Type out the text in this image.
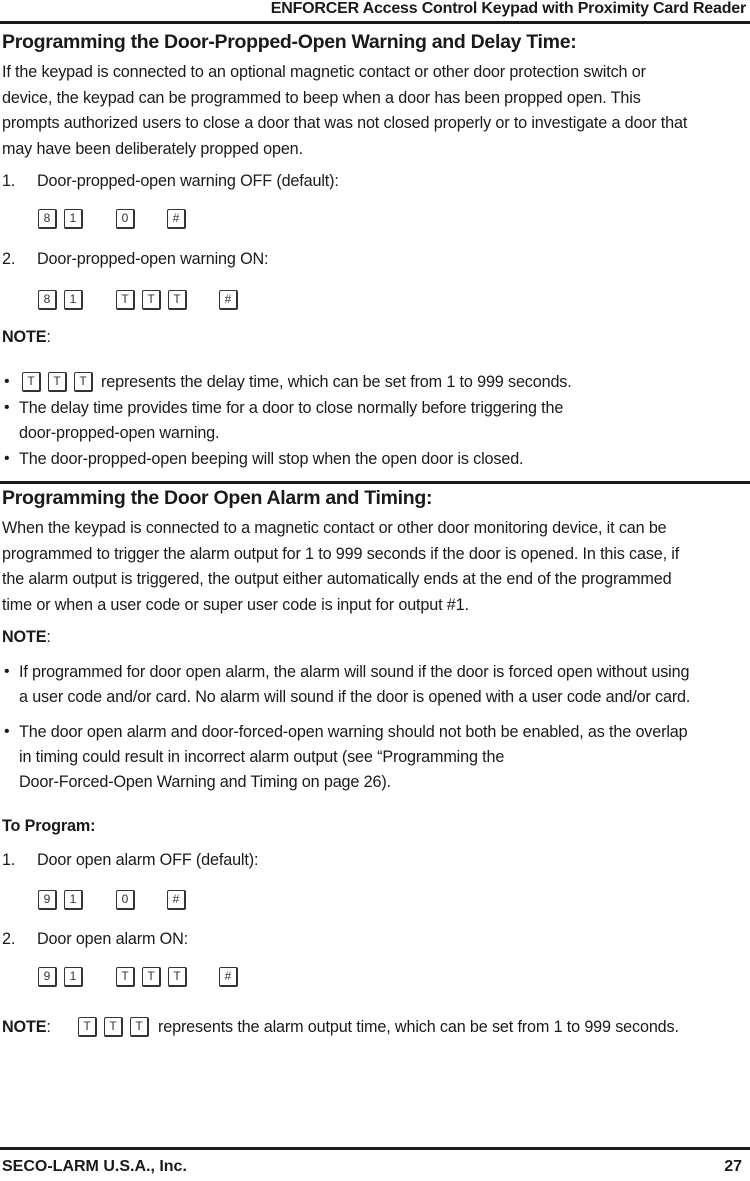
ENFORCER Access Control Keypad with Proximity Card Reader
Programming the Door-Propped-Open Warning and Delay Time:
If the keypad is connected to an optional magnetic contact or other door protection switch or
device, the keypad can be programmed to beep when a door has been propped open. This
prompts authorized users to close a door that was not closed properly or to investigate a door that
may have been deliberately propped open.
1. Door-propped-open warning OFF (default):
8	1	0	#
2. Door-propped-open warning ON:
8	1	T	T	T	#
NOTE:
•	T	T	T represents the delay time, which can be set from 1 to 999 seconds.
• The delay time provides time for a door to close normally before triggering the
door-propped-open warning.
• The door-propped-open beeping will stop when the open door is closed.
Programming the Door Open Alarm and Timing:
When the keypad is connected to a magnetic contact or other door monitoring device, it can be
programmed to trigger the alarm output for 1 to 999 seconds if the door is opened. In this case, if
the alarm output is triggered, the output either automatically ends at the end of the programmed
time or when a user code or super user code is input for output #1.
NOTE:
• If programmed for door open alarm, the alarm will sound if the door is forced open without using
a user code and/or card. No alarm will sound if the door is opened with a user code and/or card.
• The door open alarm and door-forced-open warning should not both be enabled, as the overlap
in timing could result in incorrect alarm output (see “Programming the
Door-Forced-Open Warning and Timing on page 26).
To Program:
1. Door open alarm OFF (default):
9	1	0	#
2. Door open alarm ON:
9	1	T	T	T	#
NOTE:	T	T	T represents the alarm output time, which can be set from 1 to 999 seconds.
SECO-LARM U.S.A., Inc.	27
